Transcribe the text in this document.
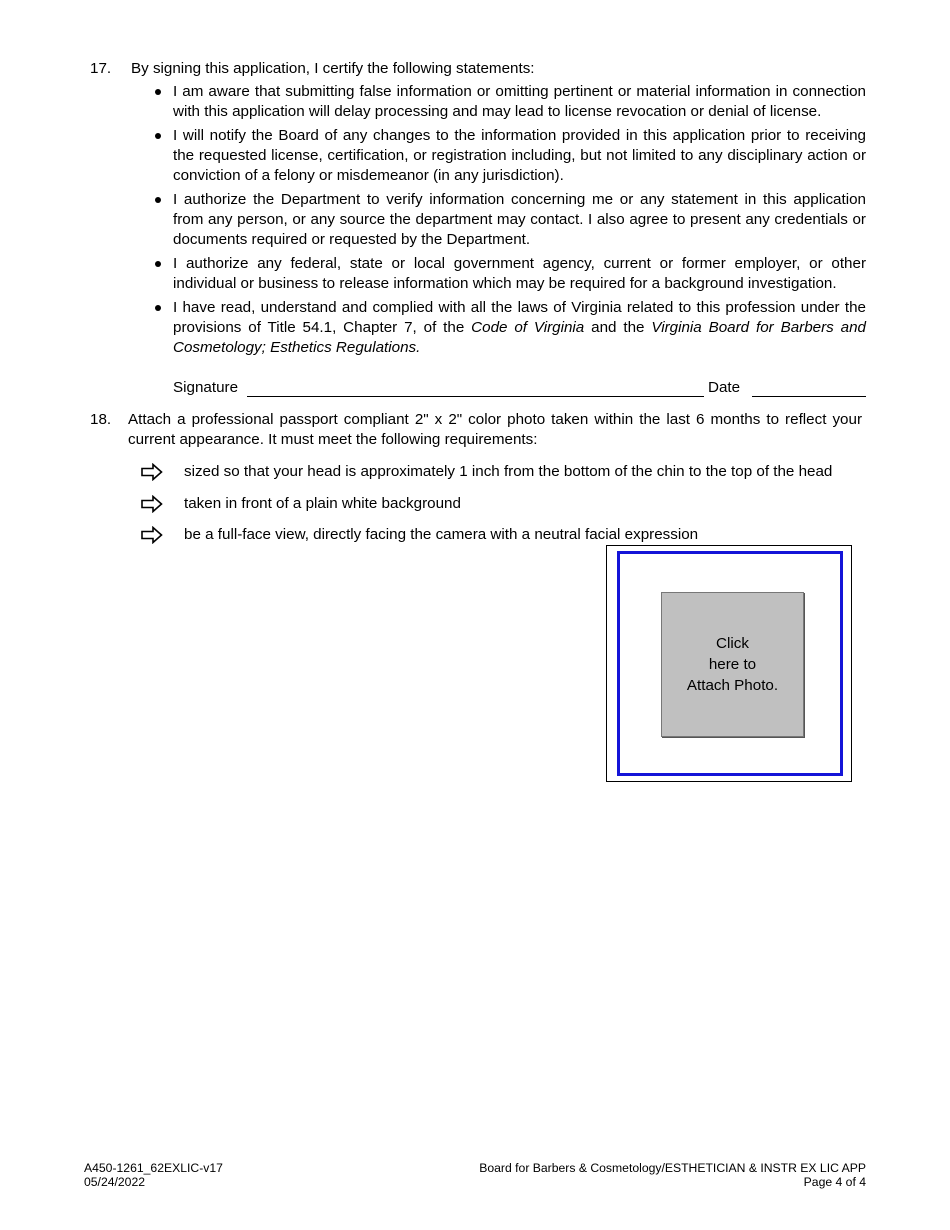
17. By signing this application, I certify the following statements:
I am aware that submitting false information or omitting pertinent or material information in connection with this application will delay processing and may lead to license revocation or denial of license.
I will notify the Board of any changes to the information provided in this application prior to receiving the requested license, certification, or registration including, but not limited to any disciplinary action or conviction of a felony or misdemeanor (in any jurisdiction).
I authorize the Department to verify information concerning me or any statement in this application from any person, or any source the department may contact. I also agree to present any credentials or documents required or requested by the Department.
I authorize any federal, state or local government agency, current or former employer, or other individual or business to release information which may be required for a background investigation.
I have read, understand and complied with all the laws of Virginia related to this profession under the provisions of Title 54.1, Chapter 7, of the Code of Virginia and the Virginia Board for Barbers and Cosmetology; Esthetics Regulations.
Signature	Date
18. Attach a professional passport compliant 2" x 2" color photo taken within the last 6 months to reflect your current appearance. It must meet the following requirements:
sized so that your head is approximately 1 inch from the bottom of the chin to the top of the head
taken in front of a plain white background
be a full-face view, directly facing the camera with a neutral facial expression
Click
here to
Attach Photo.
A450-1261_62EXLIC-v17
05/24/2022
Board for Barbers & Cosmetology/ESTHETICIAN & INSTR EX LIC APP
Page 4 of 4
